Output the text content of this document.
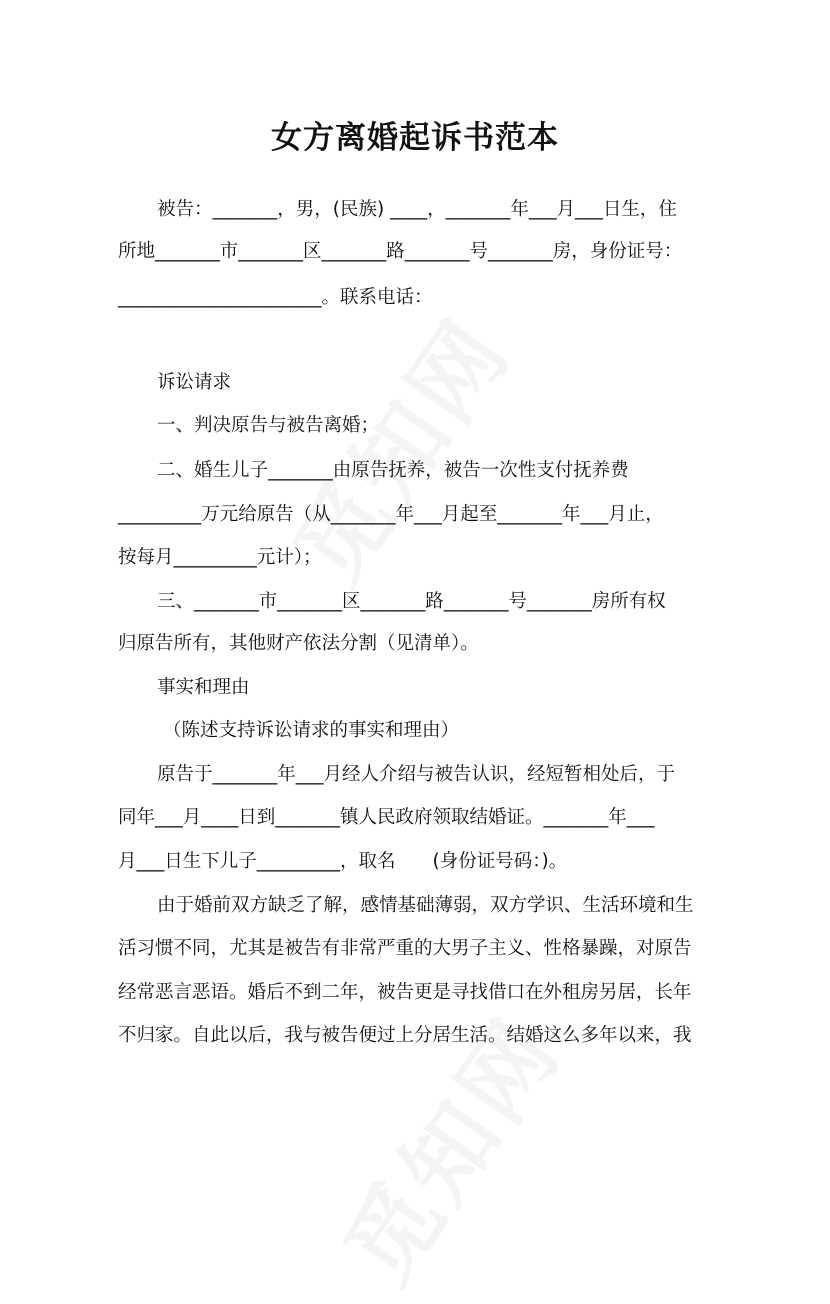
女方离婚起诉书范本
被告：_______，男，(民族) ____，_______年___月___日生，住
所地_______市_______区_______路_______号_______房，身份证号：
______________________。联系电话：
诉讼请求
一、判决原告与被告离婚；
二、婚生儿子_______由原告抚养，被告一次性支付抚养费
_________万元给原告（从_______年___月起至_______年___月止，
按每月_________元计）；
三、_______市_______区_______路_______号_______房所有权
归原告所有，其他财产依法分割（见清单）。
事实和理由
（陈述支持诉讼请求的事实和理由）
原告于_______年___月经人介绍与被告认识，经短暂相处后，于
同年___月____日到_______镇人民政府领取结婚证。_______年___
月___日生下儿子_________，取名　　(身份证号码：)。
由于婚前双方缺乏了解，感情基础薄弱，双方学识、生活环境和生
活习惯不同，尤其是被告有非常严重的大男子主义、性格暴躁，对原告
经常恶言恶语。婚后不到二年，被告更是寻找借口在外租房另居，长年
不归家。自此以后，我与被告便过上分居生活。结婚这么多年以来，我
